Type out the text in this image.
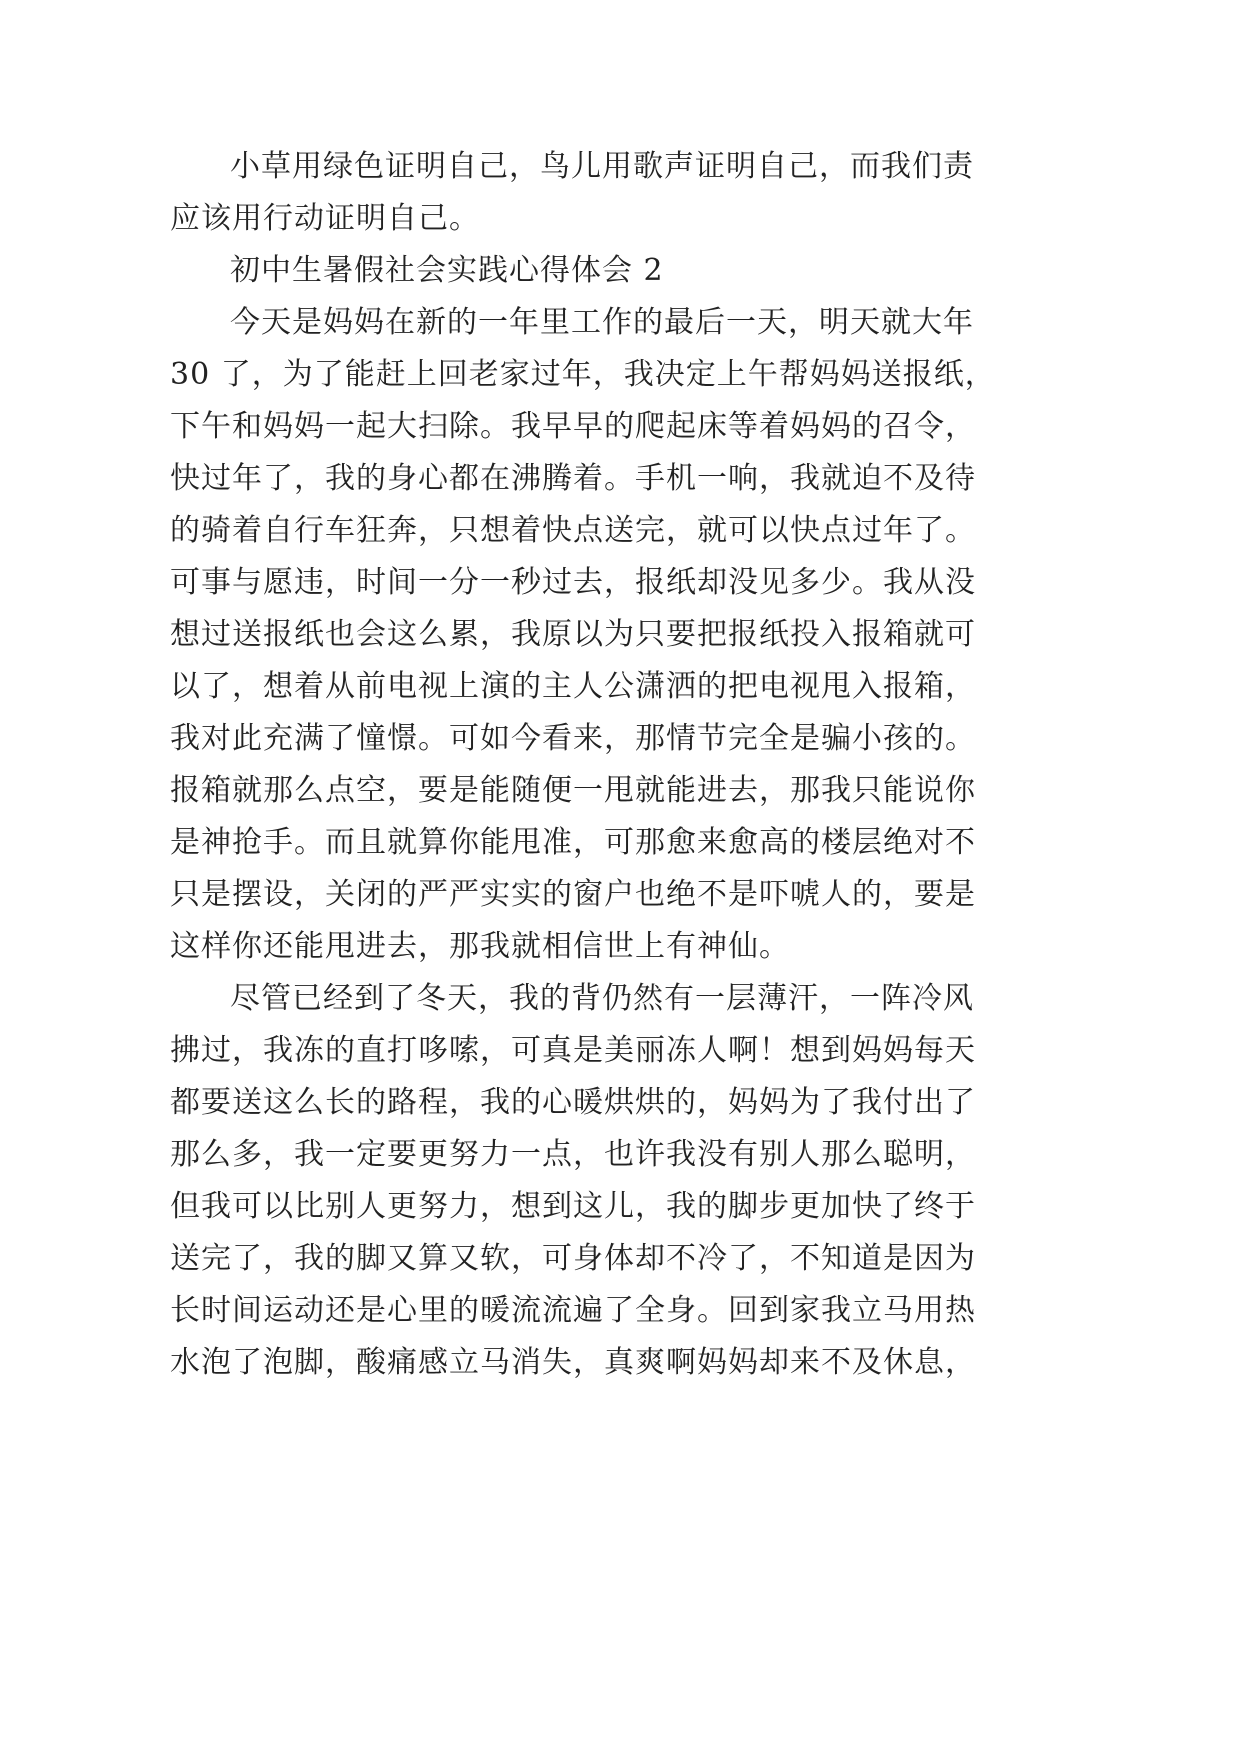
小草用绿色证明自己，鸟儿用歌声证明自己，而我们责
应该用行动证明自己。
初中生暑假社会实践心得体会 2
今天是妈妈在新的一年里工作的最后一天，明天就大年
30 了，为了能赶上回老家过年，我决定上午帮妈妈送报纸，
下午和妈妈一起大扫除。我早早的爬起床等着妈妈的召令，
快过年了，我的身心都在沸腾着。手机一响，我就迫不及待
的骑着自行车狂奔，只想着快点送完，就可以快点过年了。
可事与愿违，时间一分一秒过去，报纸却没见多少。我从没
想过送报纸也会这么累，我原以为只要把报纸投入报箱就可
以了，想着从前电视上演的主人公潇洒的把电视甩入报箱，
我对此充满了憧憬。可如今看来，那情节完全是骗小孩的。
报箱就那么点空，要是能随便一甩就能进去，那我只能说你
是神抢手。而且就算你能甩准，可那愈来愈高的楼层绝对不
只是摆设，关闭的严严实实的窗户也绝不是吓唬人的，要是
这样你还能甩进去，那我就相信世上有神仙。
尽管已经到了冬天，我的背仍然有一层薄汗，一阵冷风
拂过，我冻的直打哆嗦，可真是美丽冻人啊！想到妈妈每天
都要送这么长的路程，我的心暖烘烘的，妈妈为了我付出了
那么多，我一定要更努力一点，也许我没有别人那么聪明，
但我可以比别人更努力，想到这儿，我的脚步更加快了终于
送完了，我的脚又算又软，可身体却不冷了，不知道是因为
长时间运动还是心里的暖流流遍了全身。回到家我立马用热
水泡了泡脚，酸痛感立马消失，真爽啊妈妈却来不及休息，
